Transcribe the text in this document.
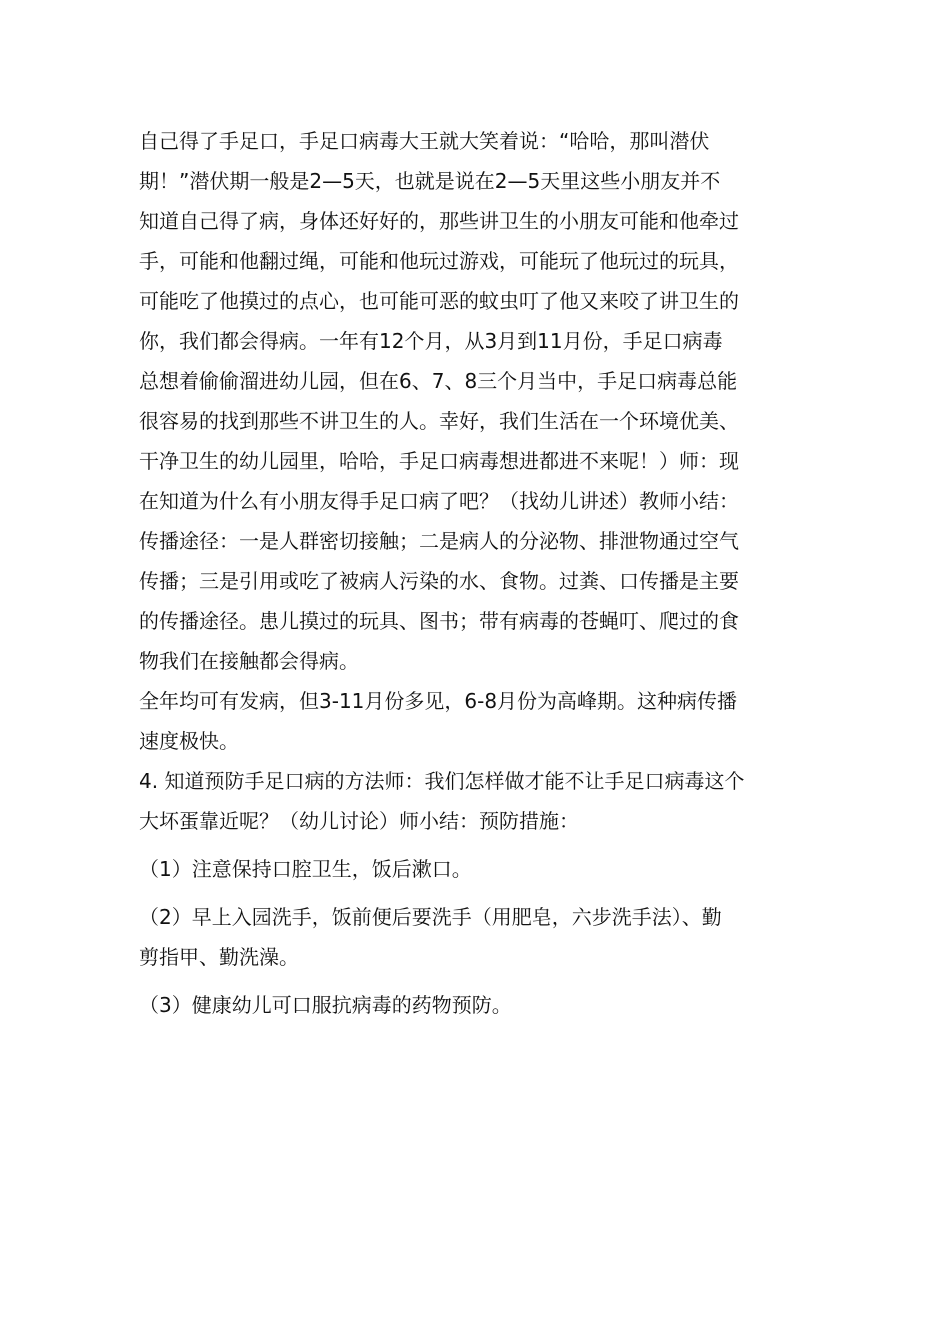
自己得了手足口，手足口病毒大王就大笑着说：“哈哈，那叫潜伏
期！”潜伏期一般是2—5天，也就是说在2—5天里这些小朋友并不
知道自己得了病，身体还好好的，那些讲卫生的小朋友可能和他牵过
手，可能和他翻过绳，可能和他玩过游戏，可能玩了他玩过的玩具，
可能吃了他摸过的点心，也可能可恶的蚊虫叮了他又来咬了讲卫生的
你，我们都会得病。一年有12个月，从3月到11月份，手足口病毒
总想着偷偷溜进幼儿园，但在6、7、8三个月当中，手足口病毒总能
很容易的找到那些不讲卫生的人。幸好，我们生活在一个环境优美、
干净卫生的幼儿园里，哈哈，手足口病毒想进都进不来呢！）师：现
在知道为什么有小朋友得手足口病了吧？（找幼儿讲述）教师小结：
传播途径：一是人群密切接触；二是病人的分泌物、排泄物通过空气
传播；三是引用或吃了被病人污染的水、食物。过粪、口传播是主要
的传播途径。患儿摸过的玩具、图书；带有病毒的苍蝇叮、爬过的食
物我们在接触都会得病。
全年均可有发病，但3-11月份多见，6-8月份为高峰期。这种病传播
速度极快。
4. 知道预防手足口病的方法师：我们怎样做才能不让手足口病毒这个
大坏蛋靠近呢？（幼儿讨论）师小结：预防措施：
（1）注意保持口腔卫生，饭后漱口。
（2）早上入园洗手，饭前便后要洗手（用肥皂，六步洗手法）、勤
剪指甲、勤洗澡。
（3）健康幼儿可口服抗病毒的药物预防。
